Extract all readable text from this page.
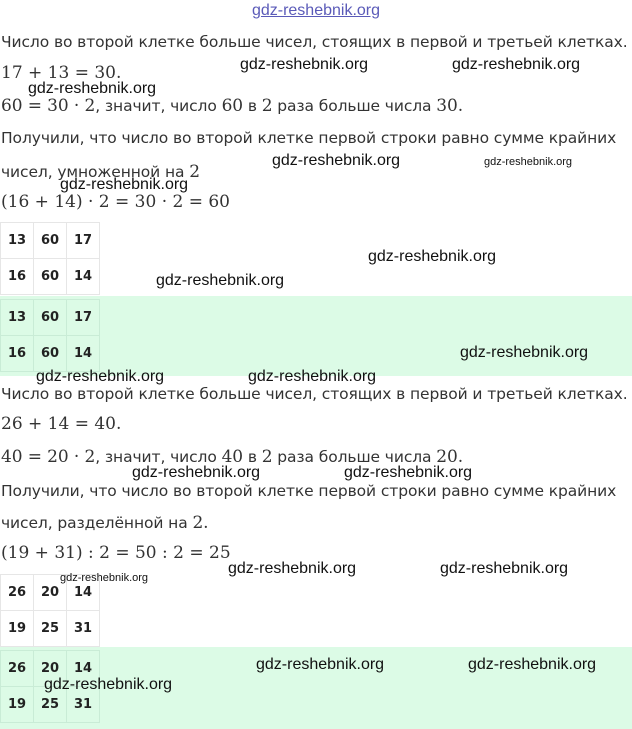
gdz-reshebnik.org
Число во второй клетке больше чисел, стоящих в первой и третьей клетках.
17 + 13 = 30.
60 = 30 · 2, значит, число 60 в 2 раза больше числа 30.
Получили, что число во второй клетке первой строки равно сумме крайних
чисел, умноженной на 2
(16 + 14) · 2 = 30 · 2 = 60
13	60	17
16	60	14
13	60	17
16	60	14
Число во второй клетке больше чисел, стоящих в первой и третьей клетках.
26 + 14 = 40.
40 = 20 · 2, значит, число 40 в 2 раза больше числа 20.
Получили, что число во второй клетке первой строки равно сумме крайних
чисел, разделённой на 2.
(19 + 31) : 2 = 50 : 2 = 25
26	20	14
19	25	31
26	20	14
19	25	31
gdz-reshebnik.org	gdz-reshebnik.org
gdz-reshebnik.org
gdz-reshebnik.org	gdz-reshebnik.org
gdz-reshebnik.org
gdz-reshebnik.org
gdz-reshebnik.org
gdz-reshebnik.org
gdz-reshebnik.org	gdz-reshebnik.org
gdz-reshebnik.org	gdz-reshebnik.org
gdz-reshebnik.org	gdz-reshebnik.org
gdz-reshebnik.org
gdz-reshebnik.org	gdz-reshebnik.org
gdz-reshebnik.org
